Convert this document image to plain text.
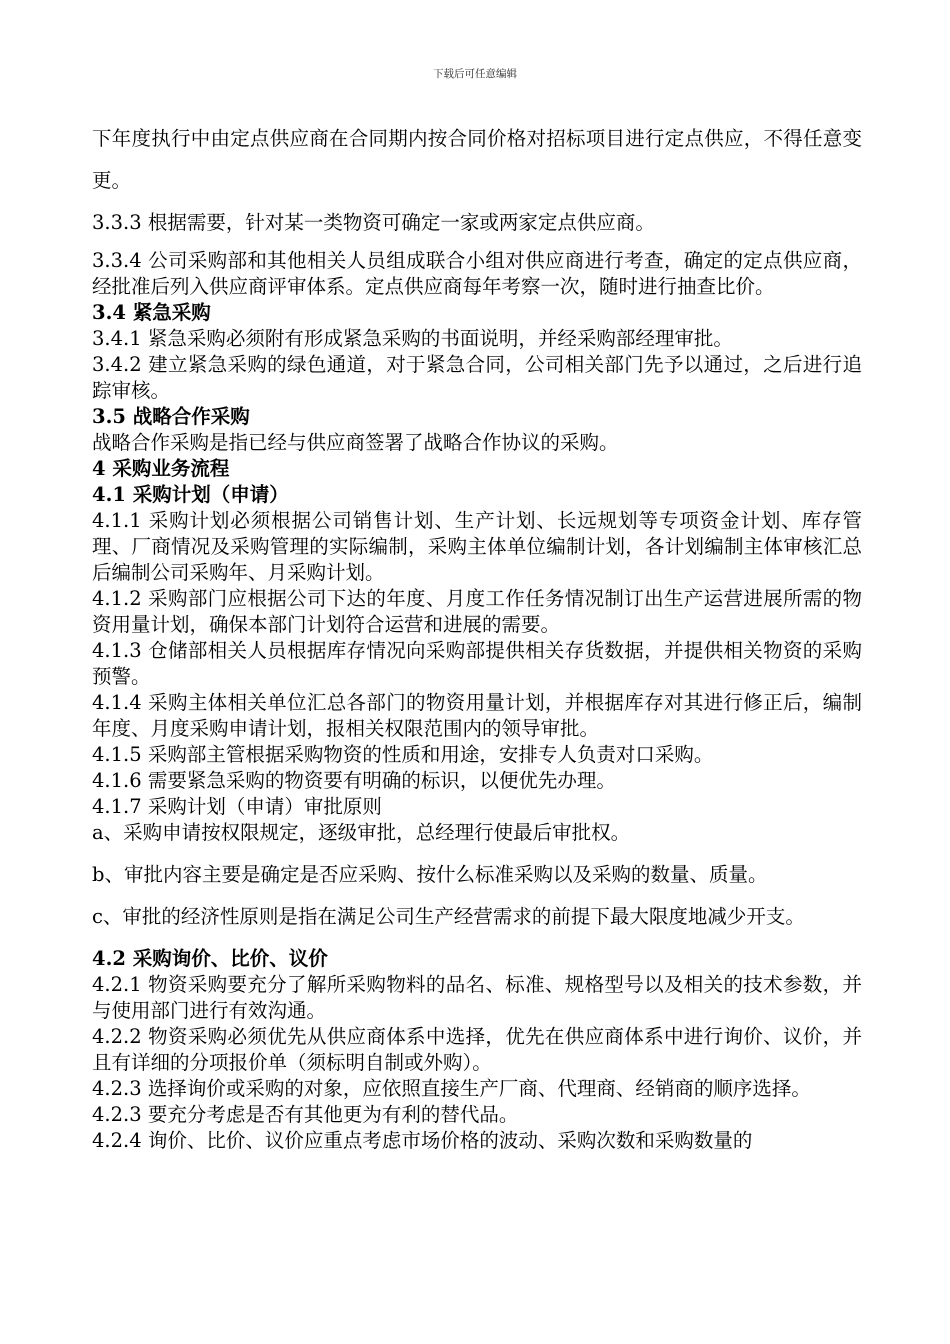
下载后可任意编辑

下年度执行中由定点供应商在合同期内按合同价格对招标项目进行定点供应，不得任意变更。

3.3.3 根据需要，针对某一类物资可确定一家或两家定点供应商。

3.3.4 公司采购部和其他相关人员组成联合小组对供应商进行考查，确定的定点供应商，经批准后列入供应商评审体系。定点供应商每年考察一次，随时进行抽查比价。

3.4 紧急采购

3.4.1 紧急采购必须附有形成紧急采购的书面说明，并经采购部经理审批。

3.4.2 建立紧急采购的绿色通道，对于紧急合同，公司相关部门先予以通过，之后进行追踪审核。

3.5 战略合作采购

战略合作采购是指已经与供应商签署了战略合作协议的采购。

4 采购业务流程

4.1 采购计划（申请）

4.1.1 采购计划必须根据公司销售计划、生产计划、长远规划等专项资金计划、库存管理、厂商情况及采购管理的实际编制，采购主体单位编制计划，各计划编制主体审核汇总后编制公司采购年、月采购计划。

4.1.2 采购部门应根据公司下达的年度、月度工作任务情况制订出生产运营进展所需的物资用量计划，确保本部门计划符合运营和进展的需要。

4.1.3 仓储部相关人员根据库存情况向采购部提供相关存货数据，并提供相关物资的采购预警。

4.1.4 采购主体相关单位汇总各部门的物资用量计划，并根据库存对其进行修正后，编制年度、月度采购申请计划，报相关权限范围内的领导审批。

4.1.5 采购部主管根据采购物资的性质和用途，安排专人负责对口采购。

4.1.6 需要紧急采购的物资要有明确的标识，以便优先办理。

4.1.7 采购计划（申请）审批原则

a、采购申请按权限规定，逐级审批，总经理行使最后审批权。

b、审批内容主要是确定是否应采购、按什么标准采购以及采购的数量、质量。

c、审批的经济性原则是指在满足公司生产经营需求的前提下最大限度地减少开支。

4.2 采购询价、比价、议价

4.2.1 物资采购要充分了解所采购物料的品名、标准、规格型号以及相关的技术参数，并与使用部门进行有效沟通。

4.2.2 物资采购必须优先从供应商体系中选择，优先在供应商体系中进行询价、议价，并且有详细的分项报价单（须标明自制或外购）。

4.2.3 选择询价或采购的对象，应依照直接生产厂商、代理商、经销商的顺序选择。

4.2.3 要充分考虑是否有其他更为有利的替代品。

4.2.4 询价、比价、议价应重点考虑市场价格的波动、采购次数和采购数量的
